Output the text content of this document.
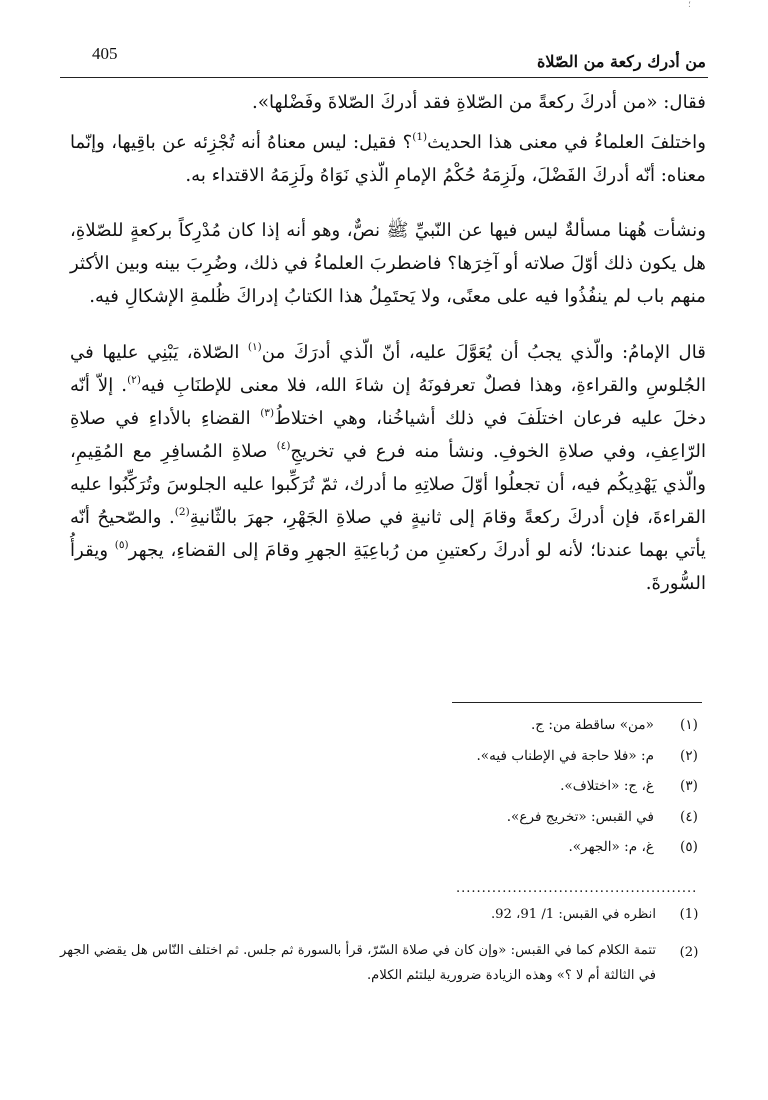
؛
405	من أدرك ركعة من الصّلاة

فقال: «من أدركَ ركعةً من الصّلاةِ فقد أدركَ الصّلاةَ وفَضْلها».

واختلفَ العلماءُ في معنى هذا الحديث$^{(1)}$؟ فقيل: ليس معناهُ أنه تُجْزِئه عن باقِيها، وإنّما معناه: أنّه أدركَ الفَضْلَ، ولَزِمَهُ حُكْمُ الإمامِ الّذي نَوَاهُ ولَزِمَهُ الاقتداء به.

ونشأت هُهنا مسألةٌ ليس فيها عن النّبيِّ ﷺ نصٌّ، وهو أنه إذا كان مُدْرِكاً بركعةٍ للصّلاةِ، هل يكون ذلك أوّلَ صلاته أو آخِرَها؟ فاضطربَ العلماءُ في ذلك، وضُرِبَ بينه وبين الأكثر منهم باب لم ينفُذُوا فيه على معنًى، ولا يَحتَمِلُ هذا الكتابُ إدراكَ ظُلمةِ الإشكالِ فيه.

قال الإمامُ: والّذي يجبُ أن يُعَوَّلَ عليه، أنّ الّذي أدرَكَ من$^{(١)}$ الصّلاة، يَبْنِي عليها في الجُلوسِ والقراءةِ، وهذا فصلٌ تعرفونَهُ إن شاءَ الله، فلا معنى للإطنَابِ فيه$^{(٢)}$. إلاّ أنّه دخلَ عليه فرعان اختلَفَ في ذلك أشياخُنا، وهي اختلاطُ$^{(٣)}$ القضاءِ بالأداءِ في صلاةِ الرّاعِفِ، وفي صلاةِ الخوفِ. ونشأ منه فرع في تخريجِ$^{(٤)}$ صلاةِ المُسافِرِ مع المُقِيمِ، والّذي يَهْدِيكُم فيه، أن تجعلُوا أوّلَ صلاتِهِ ما أدرك، ثمّ تُرَكِّبوا عليه الجلوسَ وتُرَكِّبُوا عليه القراءةَ، فإن أدركَ ركعةً وقامَ إلى ثانيةٍ في صلاةِ الجَهْرِ، جهرَ بالثّانيةِ$^{(2)}$. والصّحيحُ أنّه يأتي بهما عندنا؛ لأنه لو أدركَ ركعتينِ من رُباعِيَةِ الجهرِ وقامَ إلى القضاءِ، يجهر$^{(٥)}$ ويقرأُ السُّورةَ.

(١)
«من» ساقطة من: ج.
(٢)
م: «فلا حاجة في الإطناب فيه».
(٣)
غ، ج: «اختلاف».
(٤)
في القبس: «تخريج فرع».
(٥)
غ، م: «الجهر».
...............................................
(1)
انظره في القبس: 1/ 91، 92.
(2)
تتمة الكلام كما في القبس: «وإن كان في صلاة السّرّ، قرأ بالسورة ثم جلس. ثم اختلف النّاس هل يقضي الجهر في الثالثة أم لا ؟» وهذه الزيادة ضرورية ليلتئم الكلام.
